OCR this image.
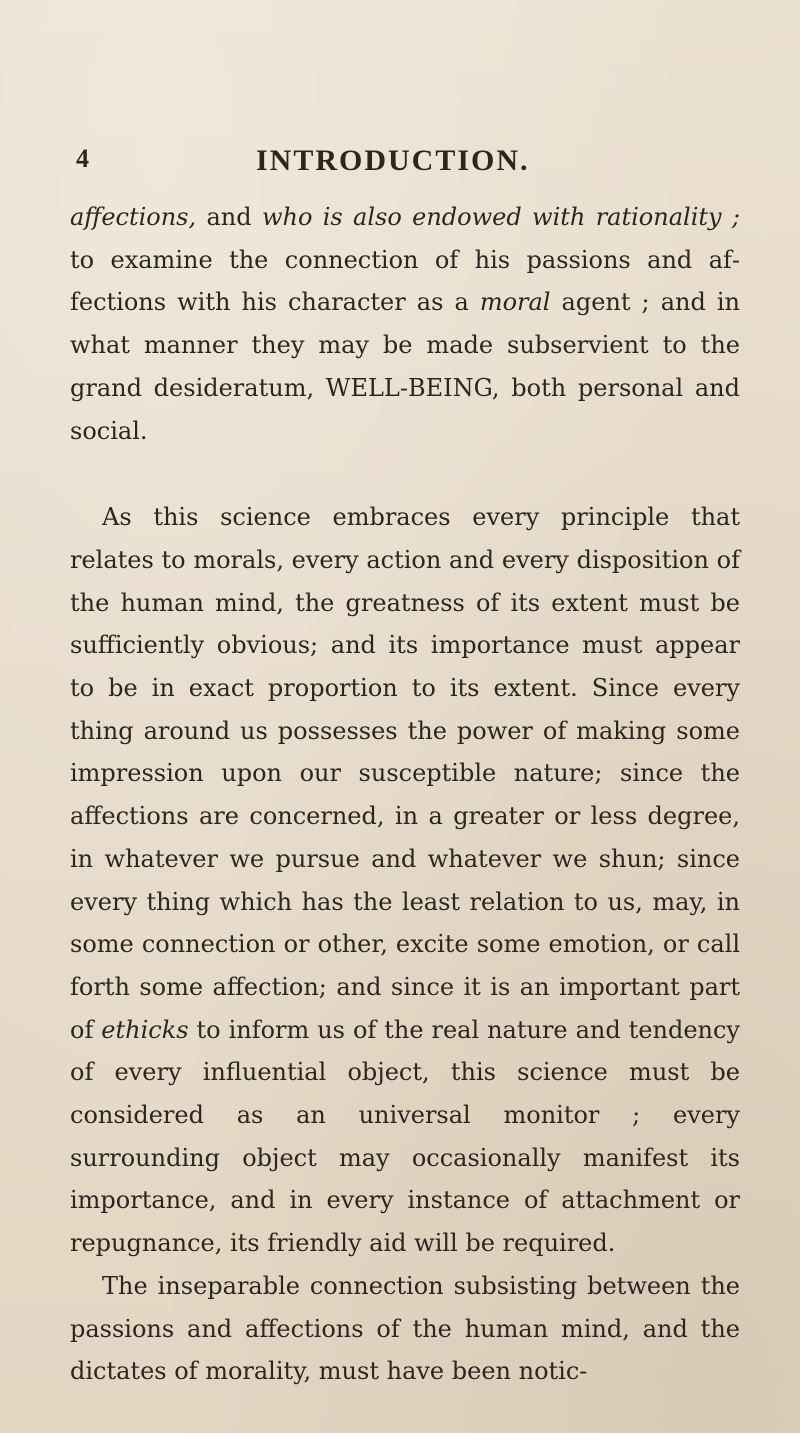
4	INTRODUCTION.

affections, and who is also endowed with rationality ; to examine the connection of his passions and affections with his character as a moral agent ; and in what manner they may be made subservient to the grand desideratum, WELL-BEING, both personal and social.

As this science embraces every principle that relates to morals, every action and every disposition of the human mind, the greatness of its extent must be sufficiently obvious; and its importance must appear to be in exact proportion to its extent. Since every thing around us possesses the power of making some impression upon our susceptible nature; since the affections are concerned, in a greater or less degree, in whatever we pursue and whatever we shun; since every thing which has the least relation to us, may, in some connection or other, excite some emotion, or call forth some affection; and since it is an important part of ethicks to inform us of the real nature and tendency of every influential object, this science must be considered as an universal monitor ; every surrounding object may occasionally manifest its importance, and in every instance of attachment or repugnance, its friendly aid will be required.

The inseparable connection subsisting between the passions and affections of the human mind, and the dictates of morality, must have been notic-
